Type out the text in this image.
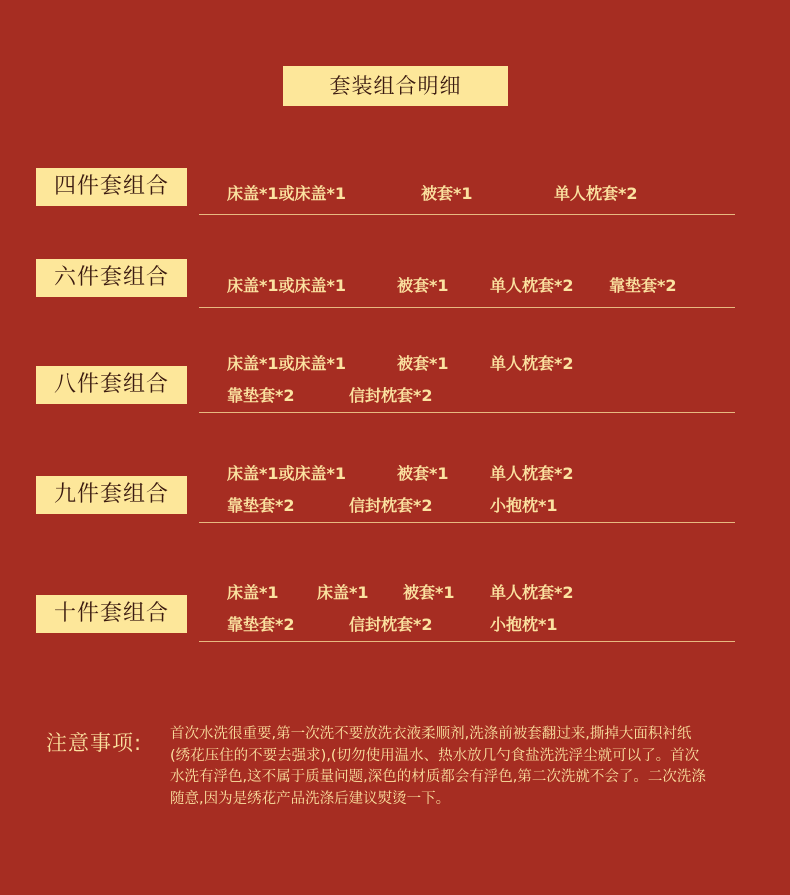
套装组合明细
四件套组合	床盖*1或床盖*1	被套*1	单人枕套*2
六件套组合	床盖*1或床盖*1	被套*1	单人枕套*2 靠垫套*2
八件套组合
床盖*1或床盖*1	被套*1	单人枕套*2
靠垫套*2	信封枕套*2
九件套组合
床盖*1或床盖*1	被套*1	单人枕套*2
靠垫套*2	信封枕套*2	小抱枕*1
十件套组合
床盖*1 床盖*1 被套*1 单人枕套*2
靠垫套*2	信封枕套*2	小抱枕*1
注意事项: 首次水洗很重要,第一次洗不要放洗衣液柔顺剂,洗涤前被套翻过来,撕掉大面积衬纸(绣花压住的不要去强求),(切勿使用温水、热水放几勺食盐洗洗浮尘就可以了。首次水洗有浮色,这不属于质量问题,深色的材质都会有浮色,第二次洗就不会了。二次洗涤随意,因为是绣花产品洗涤后建议熨烫一下。
